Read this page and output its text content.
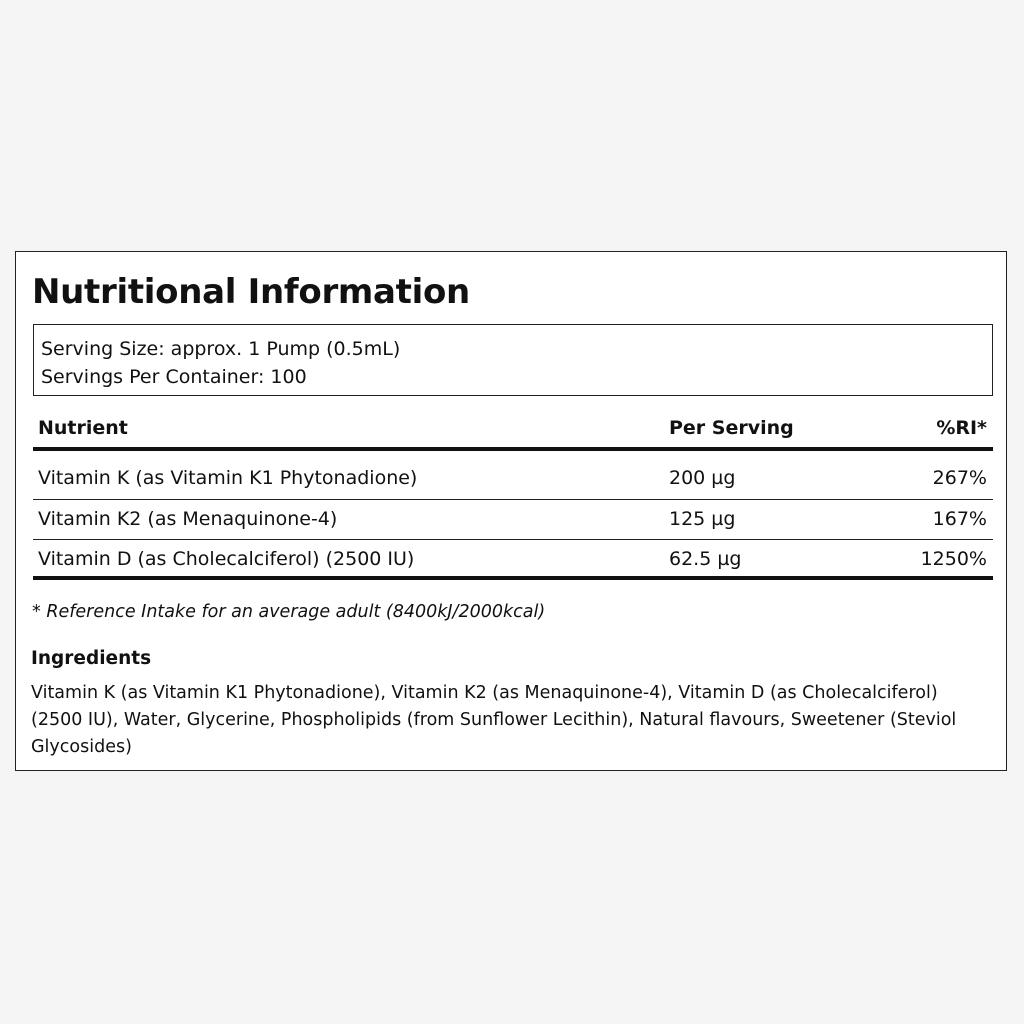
Nutritional Information
Serving Size: approx. 1 Pump (0.5mL)
Servings Per Container: 100
Nutrient	Per Serving	%RI*
Vitamin K (as Vitamin K1 Phytonadione)	200 µg	267%
Vitamin K2 (as Menaquinone-4)	125 µg	167%
Vitamin D (as Cholecalciferol) (2500 IU)	62.5 µg	1250%
* Reference Intake for an average adult (8400kJ/2000kcal)
Ingredients

Vitamin K (as Vitamin K1 Phytonadione), Vitamin K2 (as Menaquinone-4), Vitamin D (as Cholecalciferol) (2500 IU), Water, Glycerine, Phospholipids (from Sunflower Lecithin), Natural flavours, Sweetener (Steviol Glycosides)
